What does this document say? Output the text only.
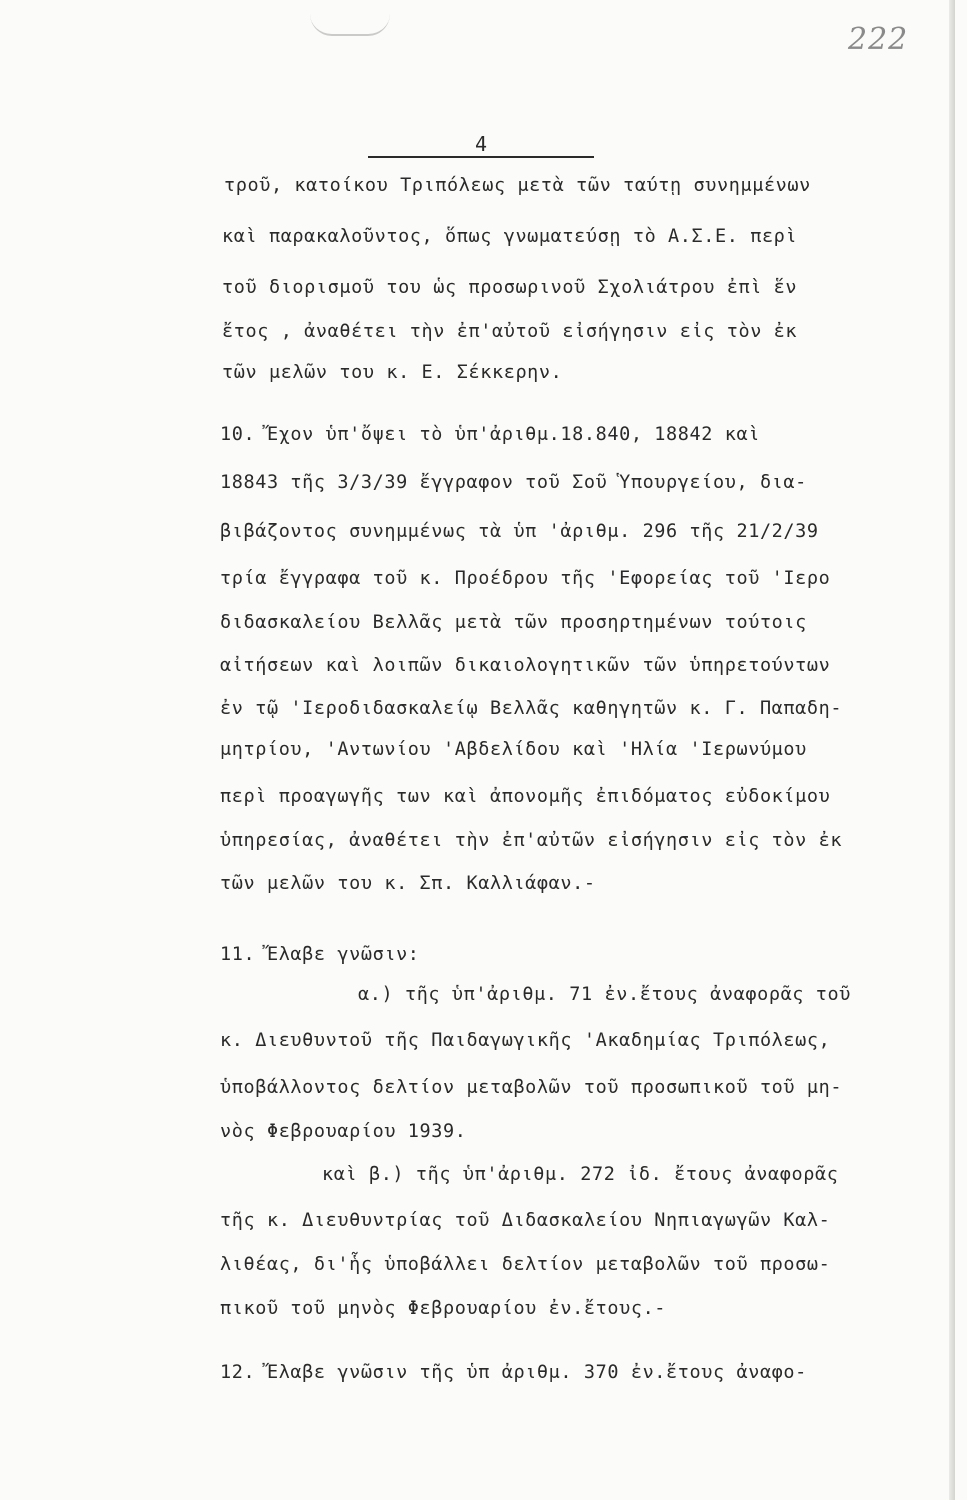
222
4
τροῦ, κατοίκου Τριπόλεως μετὰ τῶν ταύτῃ συνημμένων
καὶ παρακαλοῦντος, ὅπως γνωματεύσῃ τὸ Α.Σ.Ε. περὶ
τοῦ διορισμοῦ του ὡς προσωρινοῦ Σχολιάτρου ἐπὶ ἕν
ἔτος , ἀναθέτει τὴν ἐπ'αὐτοῦ εἰσήγησιν εἰς τὸν ἐκ
τῶν μελῶν του κ. Ε. Σέκκερην.
10. Ἔχον ὑπ'ὄψει τὸ ὑπ'ἀριθμ.18.840, 18842 καὶ
18843 τῆς 3/3/39 ἔγγραφον τοῦ Σοῦ Ὑπουργείου, δια-
βιβάζοντος συνημμένως τὰ ὑπ 'ἀριθμ. 296 τῆς 21/2/39
τρία ἔγγραφα τοῦ κ. Προέδρου τῆς 'Εφορείας τοῦ 'Ιερο
διδασκαλείου Βελλᾶς μετὰ τῶν προσηρτημένων τούτοις
αἰτήσεων καὶ λοιπῶν δικαιολογητικῶν τῶν ὑπηρετούντων
ἐν τῷ 'Ιεροδιδασκαλείῳ Βελλᾶς καθηγητῶν κ. Γ. Παπαδη-
μητρίου, 'Αντωνίου 'Αβδελίδου καὶ 'Ηλία 'Ιερωνύμου
περὶ προαγωγῆς των καὶ ἀπονομῆς ἐπιδόματος εὐδοκίμου
ὑπηρεσίας, ἀναθέτει τὴν ἐπ'αὐτῶν εἰσήγησιν εἰς τὸν ἐκ
τῶν μελῶν του κ. Σπ. Καλλιάφαν.-
11. Ἔλαβε γνῶσιν:
α.) τῆς ὑπ'ἀριθμ. 71 ἐν.ἔτους ἀναφορᾶς τοῦ
κ. Διευθυντοῦ τῆς Παιδαγωγικῆς 'Ακαδημίας Τριπόλεως,
ὑποβάλλοντος δελτίον μεταβολῶν τοῦ προσωπικοῦ τοῦ μη-
νὸς Φεβρουαρίου 1939.
καὶ β.) τῆς ὑπ'ἀριθμ. 272 ἰδ. ἔτους ἀναφορᾶς
τῆς κ. Διευθυντρίας τοῦ Διδασκαλείου Νηπιαγωγῶν Καλ-
λιθέας, δι'ἧς ὑποβάλλει δελτίον μεταβολῶν τοῦ προσω-
πικοῦ τοῦ μηνὸς Φεβρουαρίου ἐν.ἔτους.-
12. Ἔλαβε γνῶσιν τῆς ὑπ ἀριθμ. 370 ἐν.ἔτους ἀναφο-
